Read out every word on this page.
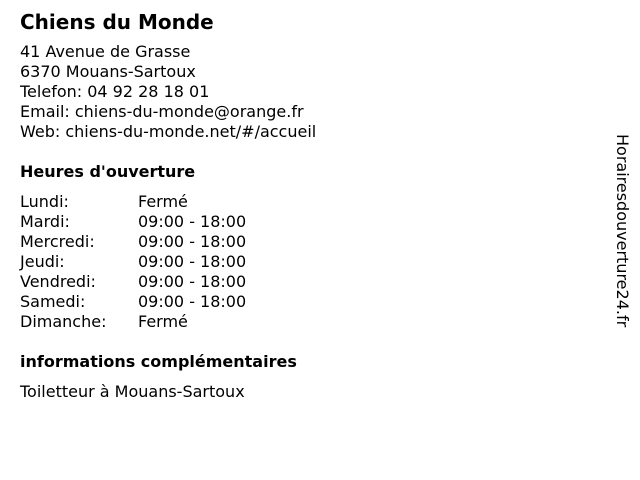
Chiens du Monde
41 Avenue de Grasse
6370 Mouans-Sartoux
Telefon: 04 92 28 18 01
Email: chiens-du-monde@orange.fr
Web: chiens-du-monde.net/#/accueil
Heures d'ouverture
Lundi:	Fermé
Mardi:	09:00 - 18:00
Mercredi:	09:00 - 18:00
Jeudi:	09:00 - 18:00
Vendredi:	09:00 - 18:00
Samedi:	09:00 - 18:00
Dimanche:	Fermé
informations complémentaires
Toiletteur à Mouans-Sartoux
Horairesdouverture24.fr
